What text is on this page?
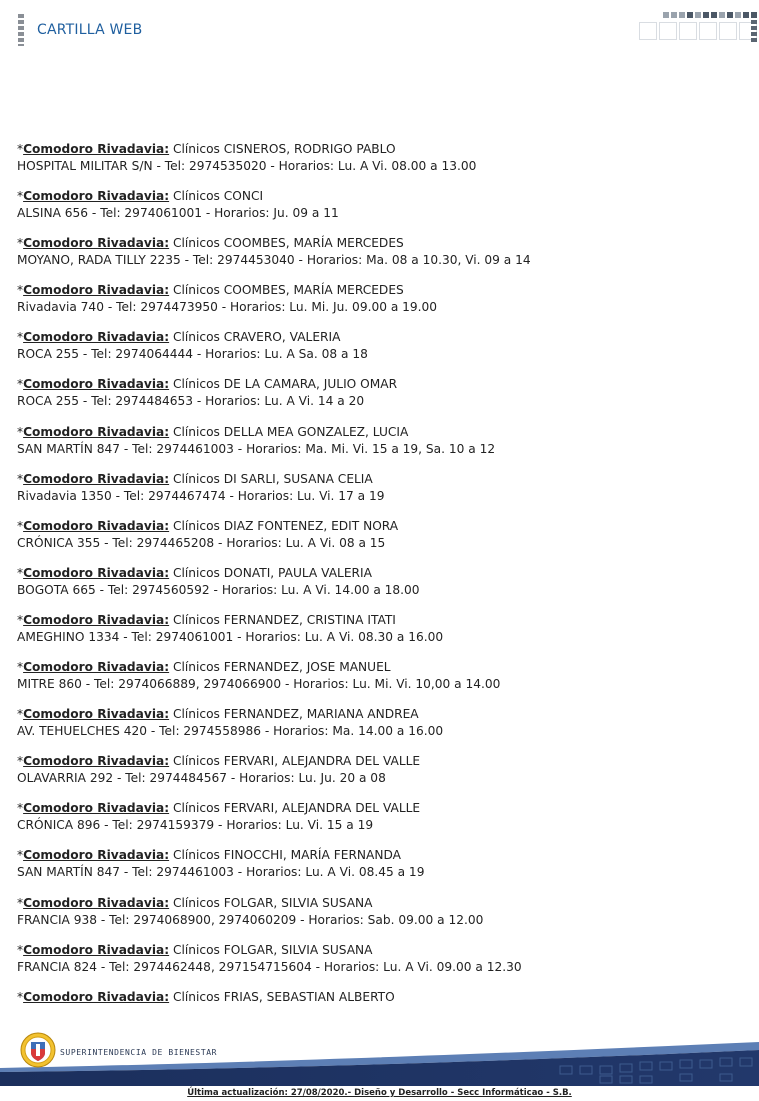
CARTILLA WEB
*Comodoro Rivadavia: Clínicos CISNEROS, RODRIGO PABLO
HOSPITAL MILITAR S/N - Tel: 2974535020 - Horarios: Lu. A Vi. 08.00 a 13.00
*Comodoro Rivadavia: Clínicos CONCI
ALSINA 656 - Tel: 2974061001 - Horarios: Ju. 09 a 11
*Comodoro Rivadavia: Clínicos COOMBES, MARÍA MERCEDES
MOYANO, RADA TILLY 2235 - Tel: 2974453040 - Horarios: Ma. 08 a 10.30, Vi. 09 a 14
*Comodoro Rivadavia: Clínicos COOMBES, MARÍA MERCEDES
Rivadavia 740 - Tel: 2974473950 - Horarios: Lu. Mi. Ju. 09.00 a 19.00
*Comodoro Rivadavia: Clínicos CRAVERO, VALERIA
ROCA 255 - Tel: 2974064444 - Horarios: Lu. A Sa. 08 a 18
*Comodoro Rivadavia: Clínicos DE LA CAMARA, JULIO OMAR
ROCA 255 - Tel: 2974484653 - Horarios: Lu. A Vi. 14 a 20
*Comodoro Rivadavia: Clínicos DELLA MEA GONZALEZ, LUCIA
SAN MARTÍN 847 - Tel: 2974461003 - Horarios: Ma. Mi. Vi. 15 a 19, Sa. 10 a 12
*Comodoro Rivadavia: Clínicos DI SARLI, SUSANA CELIA
Rivadavia 1350 - Tel: 2974467474 - Horarios: Lu. Vi. 17 a 19
*Comodoro Rivadavia: Clínicos DIAZ FONTENEZ, EDIT NORA
CRÓNICA 355 - Tel: 2974465208 - Horarios: Lu. A Vi. 08 a 15
*Comodoro Rivadavia: Clínicos DONATI, PAULA VALERIA
BOGOTA 665 - Tel: 2974560592 - Horarios: Lu. A Vi. 14.00 a 18.00
*Comodoro Rivadavia: Clínicos FERNANDEZ, CRISTINA ITATI
AMEGHINO 1334 - Tel: 2974061001 - Horarios: Lu. A Vi. 08.30 a 16.00
*Comodoro Rivadavia: Clínicos FERNANDEZ, JOSE MANUEL
MITRE 860 - Tel: 2974066889, 2974066900 - Horarios: Lu. Mi. Vi. 10,00 a 14.00
*Comodoro Rivadavia: Clínicos FERNANDEZ, MARIANA ANDREA
AV. TEHUELCHES 420 - Tel: 2974558986 - Horarios: Ma. 14.00 a 16.00
*Comodoro Rivadavia: Clínicos FERVARI, ALEJANDRA DEL VALLE
OLAVARRIA 292 - Tel: 2974484567 - Horarios: Lu. Ju. 20 a 08
*Comodoro Rivadavia: Clínicos FERVARI, ALEJANDRA DEL VALLE
CRÓNICA 896 - Tel: 2974159379 - Horarios: Lu. Vi. 15 a 19
*Comodoro Rivadavia: Clínicos FINOCCHI, MARÍA FERNANDA
SAN MARTÍN 847 - Tel: 2974461003 - Horarios: Lu. A Vi. 08.45 a 19
*Comodoro Rivadavia: Clínicos FOLGAR, SILVIA SUSANA
FRANCIA 938 - Tel: 2974068900, 2974060209 - Horarios: Sab. 09.00 a 12.00
*Comodoro Rivadavia: Clínicos FOLGAR, SILVIA SUSANA
FRANCIA 824 - Tel: 2974462448, 297154715604 - Horarios: Lu. A Vi. 09.00 a 12.30
*Comodoro Rivadavia: Clínicos FRIAS, SEBASTIAN ALBERTO
SUPERINTENDENCIA DE BIENESTAR
Última actualización: 27/08/2020.- Diseño y Desarrollo - Secc Informáticao - S.B.
